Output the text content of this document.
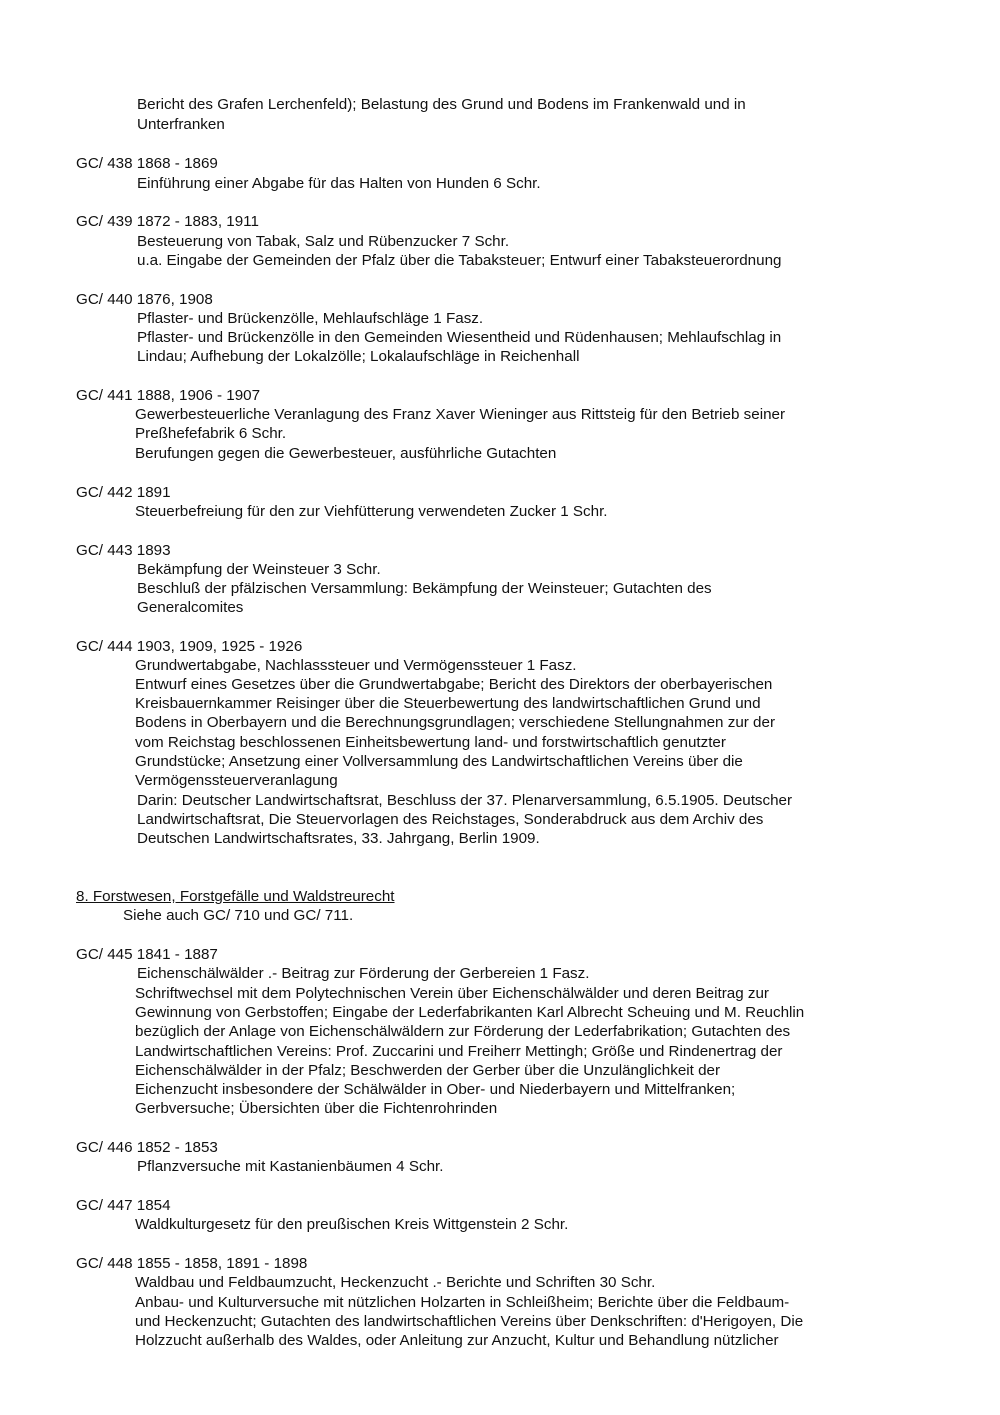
Bericht des Grafen Lerchenfeld); Belastung des Grund und Bodens im Frankenwald und in

Unterfranken

GC/ 438 1868 - 1869

Einführung einer Abgabe für das Halten von Hunden 6 Schr.

GC/ 439 1872 - 1883, 1911

Besteuerung von Tabak, Salz und Rübenzucker 7 Schr.

u.a. Eingabe der Gemeinden der Pfalz über die Tabaksteuer; Entwurf einer Tabaksteuerordnung

GC/ 440 1876, 1908

Pflaster- und Brückenzölle, Mehlaufschläge 1 Fasz.

Pflaster- und Brückenzölle in den Gemeinden Wiesentheid und Rüdenhausen; Mehlaufschlag in

Lindau; Aufhebung der Lokalzölle; Lokalaufschläge in Reichenhall

GC/ 441 1888, 1906 - 1907

Gewerbesteuerliche Veranlagung des Franz Xaver Wieninger aus Rittsteig für den Betrieb seiner

Preßhefefabrik 6 Schr.

Berufungen gegen die Gewerbesteuer, ausführliche Gutachten

GC/ 442 1891

Steuerbefreiung für den zur Viehfütterung verwendeten Zucker 1 Schr.

GC/ 443 1893

Bekämpfung der Weinsteuer 3 Schr.

Beschluß der pfälzischen Versammlung: Bekämpfung der Weinsteuer; Gutachten des

Generalcomites

GC/ 444 1903, 1909, 1925 - 1926

Grundwertabgabe, Nachlasssteuer und Vermögenssteuer 1 Fasz.

Entwurf eines Gesetzes über die Grundwertabgabe; Bericht des Direktors der oberbayerischen

Kreisbauernkammer Reisinger über die Steuerbewertung des landwirtschaftlichen Grund und

Bodens in Oberbayern und die Berechnungsgrundlagen; verschiedene Stellungnahmen zur der

vom Reichstag beschlossenen Einheitsbewertung land- und forstwirtschaftlich genutzter

Grundstücke; Ansetzung einer Vollversammlung des Landwirtschaftlichen Vereins über die

Vermögenssteuerveranlagung

Darin: Deutscher Landwirtschaftsrat, Beschluss der 37. Plenarversammlung, 6.5.1905. Deutscher

Landwirtschaftsrat, Die Steuervorlagen des Reichstages, Sonderabdruck aus dem Archiv des

Deutschen Landwirtschaftsrates, 33. Jahrgang, Berlin 1909.

8. Forstwesen, Forstgefälle und Waldstreurecht

Siehe auch GC/ 710 und GC/ 711.

GC/ 445 1841 - 1887

Eichenschälwälder .- Beitrag zur Förderung der Gerbereien 1 Fasz.

Schriftwechsel mit dem Polytechnischen Verein über Eichenschälwälder und deren Beitrag zur

Gewinnung von Gerbstoffen; Eingabe der Lederfabrikanten Karl Albrecht Scheuing und M. Reuchlin

bezüglich der Anlage von Eichenschälwäldern zur Förderung der Lederfabrikation; Gutachten des

Landwirtschaftlichen Vereins: Prof. Zuccarini und Freiherr Mettingh; Größe und Rindenertrag der

Eichenschälwälder in der Pfalz; Beschwerden der Gerber über die Unzulänglichkeit der

Eichenzucht insbesondere der Schälwälder in Ober- und Niederbayern und Mittelfranken;

Gerbversuche; Übersichten über die Fichtenrohrinden

GC/ 446 1852 - 1853

Pflanzversuche mit Kastanienbäumen 4 Schr.

GC/ 447 1854

Waldkulturgesetz für den preußischen Kreis Wittgenstein 2 Schr.

GC/ 448 1855 - 1858, 1891 - 1898

Waldbau und Feldbaumzucht, Heckenzucht .- Berichte und Schriften 30 Schr.

Anbau- und Kulturversuche mit nützlichen Holzarten in Schleißheim; Berichte über die Feldbaum-

und Heckenzucht; Gutachten des landwirtschaftlichen Vereins über Denkschriften: d'Herigoyen, Die

Holzzucht außerhalb des Waldes, oder Anleitung zur Anzucht, Kultur und Behandlung nützlicher
